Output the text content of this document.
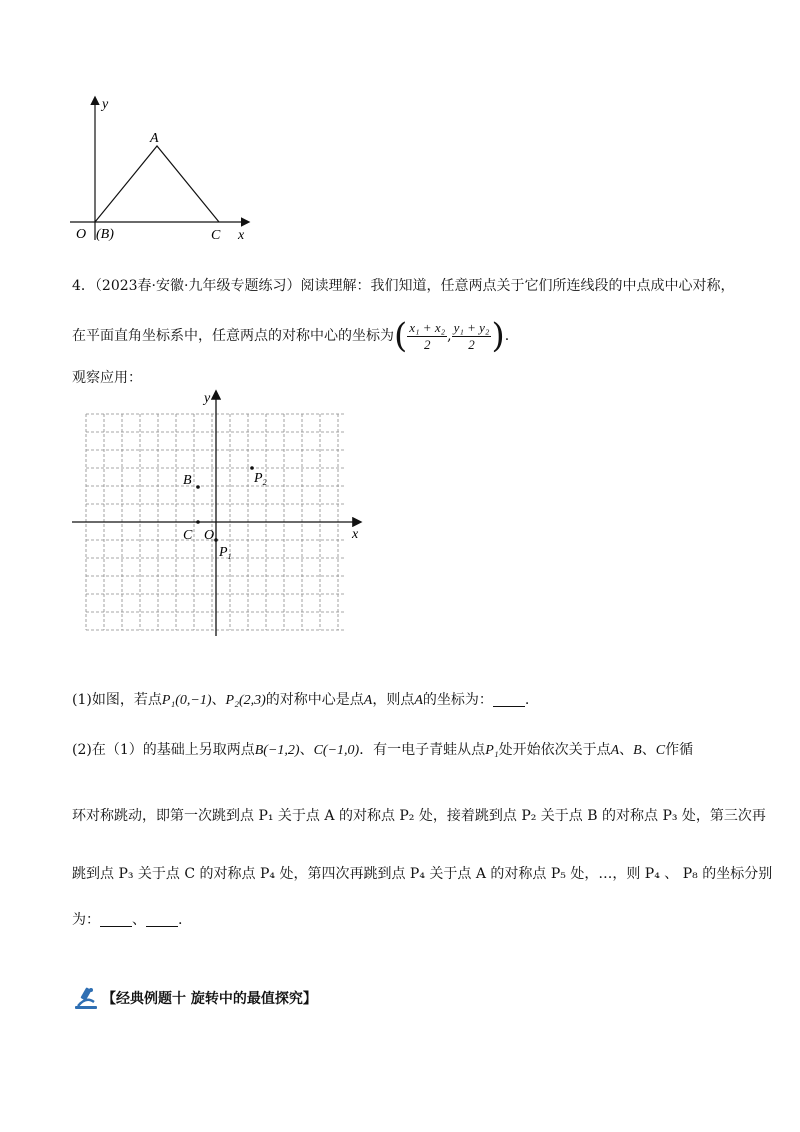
y
x
A
O (B)	C
4．（2023春·安徽·九年级专题练习）阅读理解：我们知道，任意两点关于它们所连线段的中点成中心对称，
在平面直角坐标系中，任意两点的对称中心的坐标为( $\frac{\text{x₁ + x₂}}{2}$ , $\frac{\text{y₁ + y₂}}{2}$ ).
观察应用：
y
x
O
B
C
$P_1$
$P_2$
(1)如图，若点P₁(0,−1)、P₂(2,3)的对称中心是点A，则点A的坐标为： .
(2)在（1）的基础上另取两点B(−1,2)、C(−1,0)．有一电子青蛙从点P₁处开始依次关于点A、B、C作循
环对称跳动，即第一次跳到点 P₁ 关于点 A 的对称点 P₂ 处，接着跳到点 P₂ 关于点 B 的对称点 P₃ 处，第三次再
跳到点 P₃ 关于点 C 的对称点 P₄ 处，第四次再跳到点 P₄ 关于点 A 的对称点 P₅ 处，…，则 P₄ 、 P₈ 的坐标分别
为： 、 .
【经典例题十 旋转中的最值探究】
